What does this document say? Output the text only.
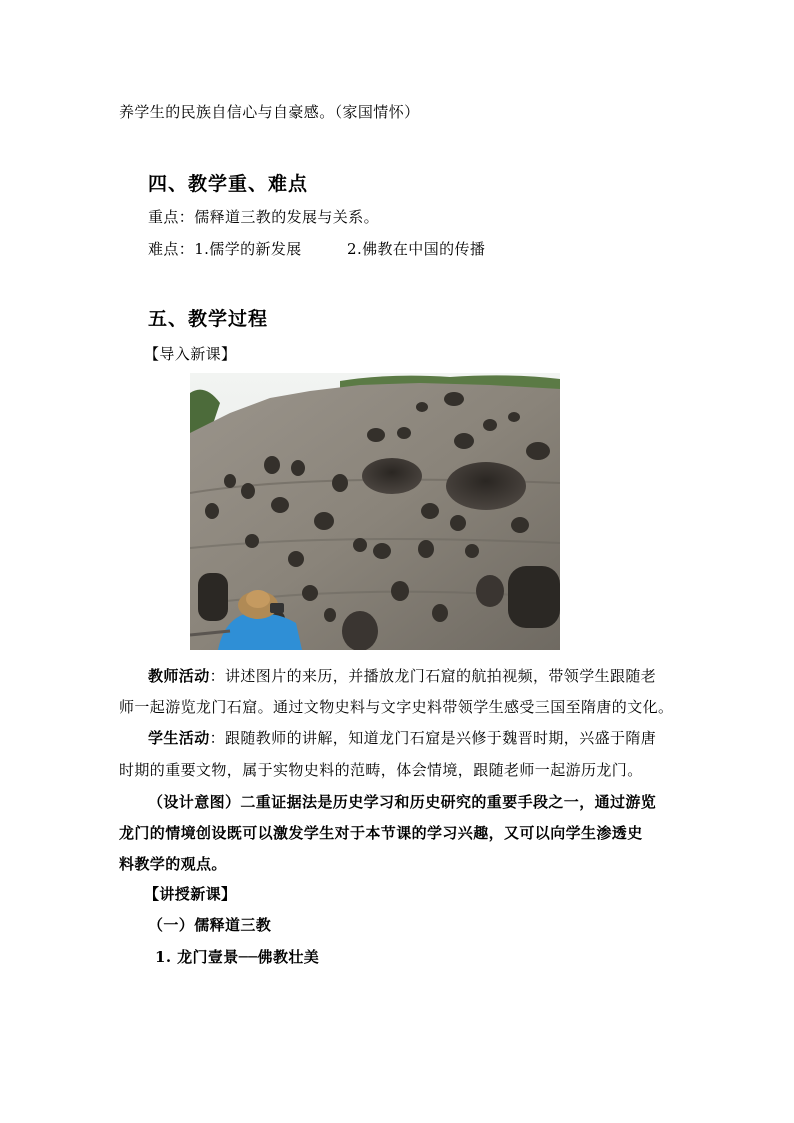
养学生的民族自信心与自豪感。（家国情怀）
四、教学重、难点
重点：儒释道三教的发展与关系。
难点：1.儒学的新发展	2.佛教在中国的传播
五、教学过程
【导入新课】
教师活动：讲述图片的来历，并播放龙门石窟的航拍视频，带领学生跟随老
师一起游览龙门石窟。通过文物史料与文字史料带领学生感受三国至隋唐的文化。
学生活动：跟随教师的讲解，知道龙门石窟是兴修于魏晋时期，兴盛于隋唐
时期的重要文物，属于实物史料的范畴，体会情境，跟随老师一起游历龙门。
（设计意图）二重证据法是历史学习和历史研究的重要手段之一，通过游览
龙门的情境创设既可以激发学生对于本节课的学习兴趣，又可以向学生渗透史
料教学的观点。
【讲授新课】
（一）儒释道三教
1. 龙门壹景──佛教壮美
